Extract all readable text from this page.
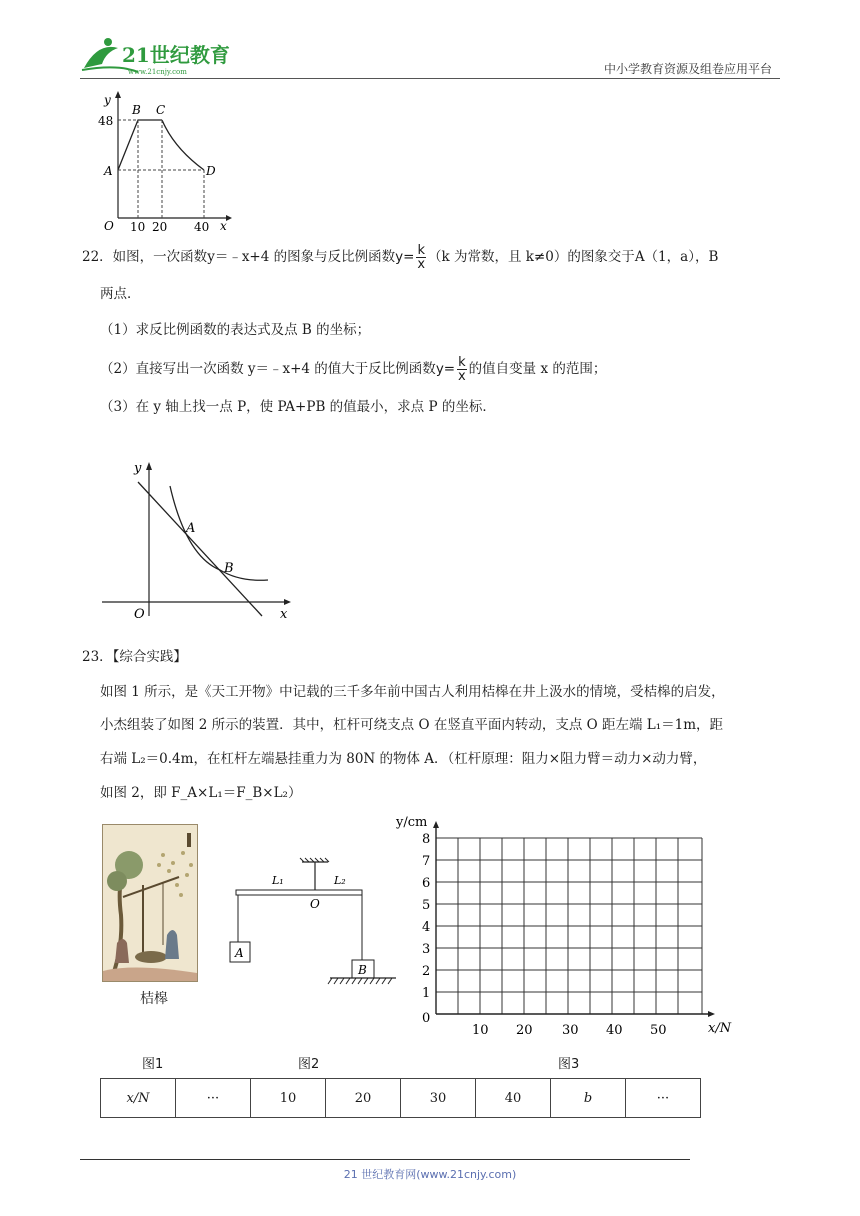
21世纪教育
www.21cnjy.com	中小学教育资源及组卷应用平台
y
x
O
48
10 20 40
A
B C
D
22．如图，一次函数y＝﹣x+4 的图象与反比例函数$y= \frac{k}{x} (k$ 为常数，且 k≠0）的图象交于A（1，a），B
两点．
（1）求反比例函数的表达式及点 B 的坐标；
（2）直接写出一次函数 y＝﹣x+4 的值大于反比例函数$y= \frac{k}{x}$ 的值自变量 x 的范围；
（3）在 y 轴上找一点 P，使 PA+PB 的值最小，求点 P 的坐标．
y
x
O
A
B
23．【综合实践】
如图 1 所示，是《天工开物》中记载的三千多年前中国古人利用桔槔在井上汲水的情境，受桔槔的启发，
小杰组装了如图 2 所示的装置．其中，杠杆可绕支点 O 在竖直平面内转动，支点 O 距左端 L₁＝1m，距
右端 L₂＝0.4m，在杠杆左端悬挂重力为 80N 的物体 A．（杠杆原理：阻力×阻力臂＝动力×动力臂，
如图 2，即 F_A×L₁＝F_B×L₂）
桔槔
图1
L₁	L₂
O
A
B
图2
y/cm
x/N
0
1
2
3
4
5
6
7
8
10 20 30 40 50
图3
x/N	···	10	20	30	40	b	···
21 世纪教育网(www.21cnjy.com)
